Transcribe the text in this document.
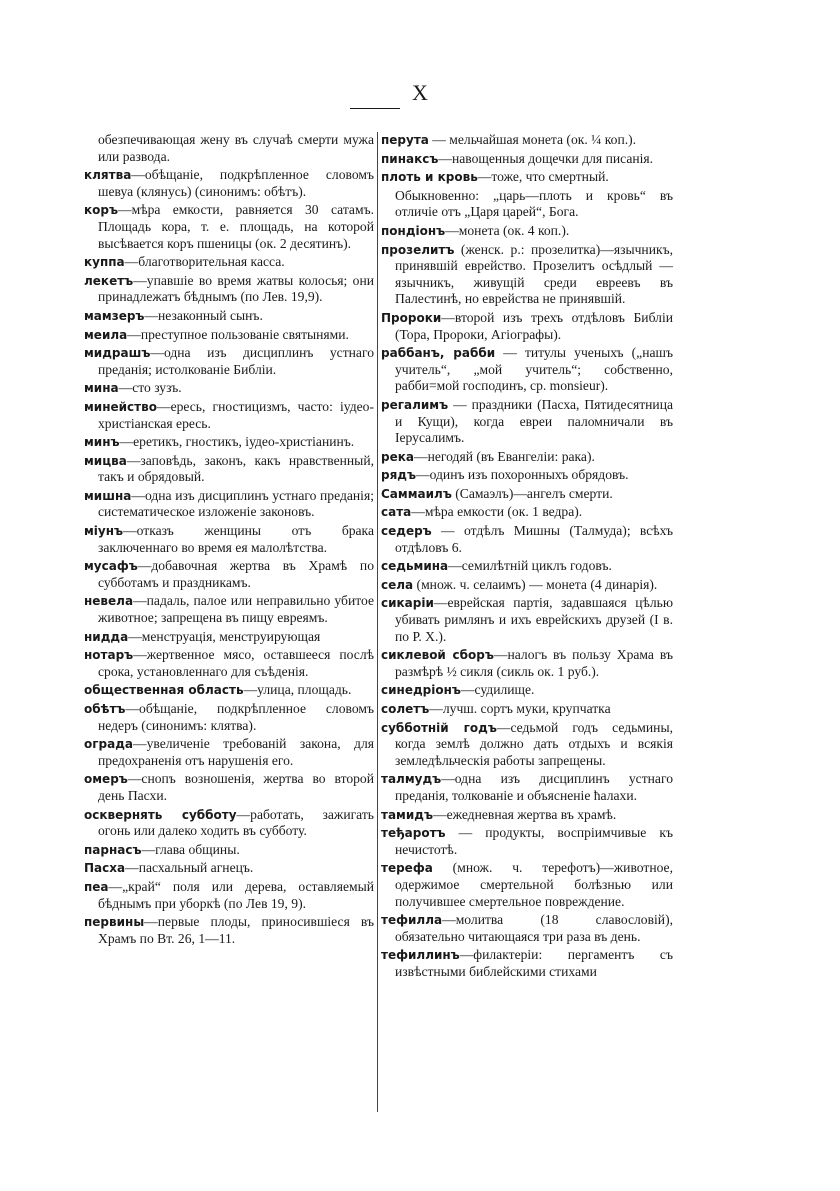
X
обезпечивающая жену въ случаѣ смерти мужа или развода.
клятва—обѣщаніе, подкрѣпленное словомъ шевуа (клянусь) (синонимъ: обѣтъ).
коръ—мѣра емкости, равняется 30 сатамъ. Площадь кора, т. е. площадь, на которой высѣвается коръ пшеницы (ок. 2 десятинъ).
куппа—благотворительная касса.
лекетъ—упавшіе во время жатвы колосья; они принадлежатъ бѣднымъ (по Лев. 19,9).
мамзеръ—незаконный сынъ.
меила—преступное пользованіе святынями.
мидрашъ—одна изъ дисциплинъ устнаго преданія; истолкованіе Библіи.
мина—сто зузъ.
минейство—ересь, гностицизмъ, часто: іудео-христіанская ересь.
минъ—еретикъ, гностикъ, іудео-христіанинъ.
мицва—заповѣдь, законъ, какъ нравственный, такъ и обрядовый.
мишна—одна изъ дисциплинъ устнаго преданія; систематическое изложеніе законовъ.
міунъ—отказъ женщины отъ брака заключеннаго во время ея малолѣтства.
мусафъ—добавочная жертва въ Храмѣ по субботамъ и праздникамъ.
невела—падаль, палое или неправильно убитое животное; запрещена въ пищу евреямъ.
нидда—менструація, менструирующая
нотаръ—жертвенное мясо, оставшееся послѣ срока, установленнаго для съѣденія.
общественная область—улица, площадь.
обѣтъ—обѣщаніе, подкрѣпленное словомъ недеръ (синонимъ: клятва).
ограда—увеличеніе требованій закона, для предохраненія отъ нарушенія его.
омеръ—снопъ возношенія, жертва во второй день Пасхи.
осквернять субботу—работать, зажигать огонь или далеко ходить въ субботу.
парнасъ—глава общины.
Пасха—пасхальный агнецъ.
пеа—„край“ поля или дерева, оставляемый бѣднымъ при уборкѣ (по Лев 19, 9).
первины—первые плоды, приносившіеся въ Храмъ по Вт. 26, 1—11.
перута — мельчайшая монета (ок. ¼ коп.).
пинаксъ—навощенныя дощечки для писанія.
плоть и кровь—тоже, что смертный.
Обыкновенно: „царь—плоть и кровь“ въ отличіе отъ „Царя царей“, Бога.
пондіонъ—монета (ок. 4 коп.).
прозелитъ (женск. р.: прозелитка)—язычникъ, принявшій еврейство. Прозелитъ осѣдлый — язычникъ, живущій среди евреевъ въ Палестинѣ, но еврейства не принявшій.
Пророки—второй изъ трехъ отдѣловъ Библіи (Тора, Пророки, Агіографы).
раббанъ, рабби — титулы ученыхъ („нашъ учитель“, „мой учитель“; собственно, рабби=мой господинъ, ср. monsieur).
регалимъ — праздники (Пасха, Пятидесятница и Кущи), когда евреи паломничали въ Іерусалимъ.
река—негодяй (въ Евангеліи: рака).
рядъ—одинъ изъ похоронныхъ обрядовъ.
Саммаилъ (Самаэлъ)—ангелъ смерти.
сата—мѣра емкости (ок. 1 ведра).
седеръ — отдѣлъ Мишны (Талмуда); всѣхъ отдѣловъ 6.
седьмина—семилѣтній циклъ годовъ.
села (множ. ч. селаимъ) — монета (4 динарія).
сикаріи—еврейская партія, задавшаяся цѣлью убивать римлянъ и ихъ еврейскихъ друзей (I в. по Р. Х.).
сиклевой сборъ—налогъ въ пользу Храма въ размѣрѣ ½ сикля (сикль ок. 1 руб.).
синедріонъ—судилище.
солетъ—лучш. сортъ муки, крупчатка
субботній годъ—седьмой годъ седьмины, когда землѣ должно дать отдыхъ и всякія земледѣльческія работы запрещены.
талмудъ—одна изъ дисциплинъ устнаго преданія, толкованіе и объясненіе ћалахи.
тамидъ—ежедневная жертва въ храмѣ.
теђаротъ — продукты, воспріимчивые къ нечистотѣ.
терефа (множ. ч. терефотъ)—животное, одержимое смертельной болѣзнью или получившее смертельное повреждение.
тефилла—молитва (18 славословій), обязательно читающаяся три раза въ день.
тефиллинъ—филактеріи: пергаментъ съ извѣстными библейскими стихами
